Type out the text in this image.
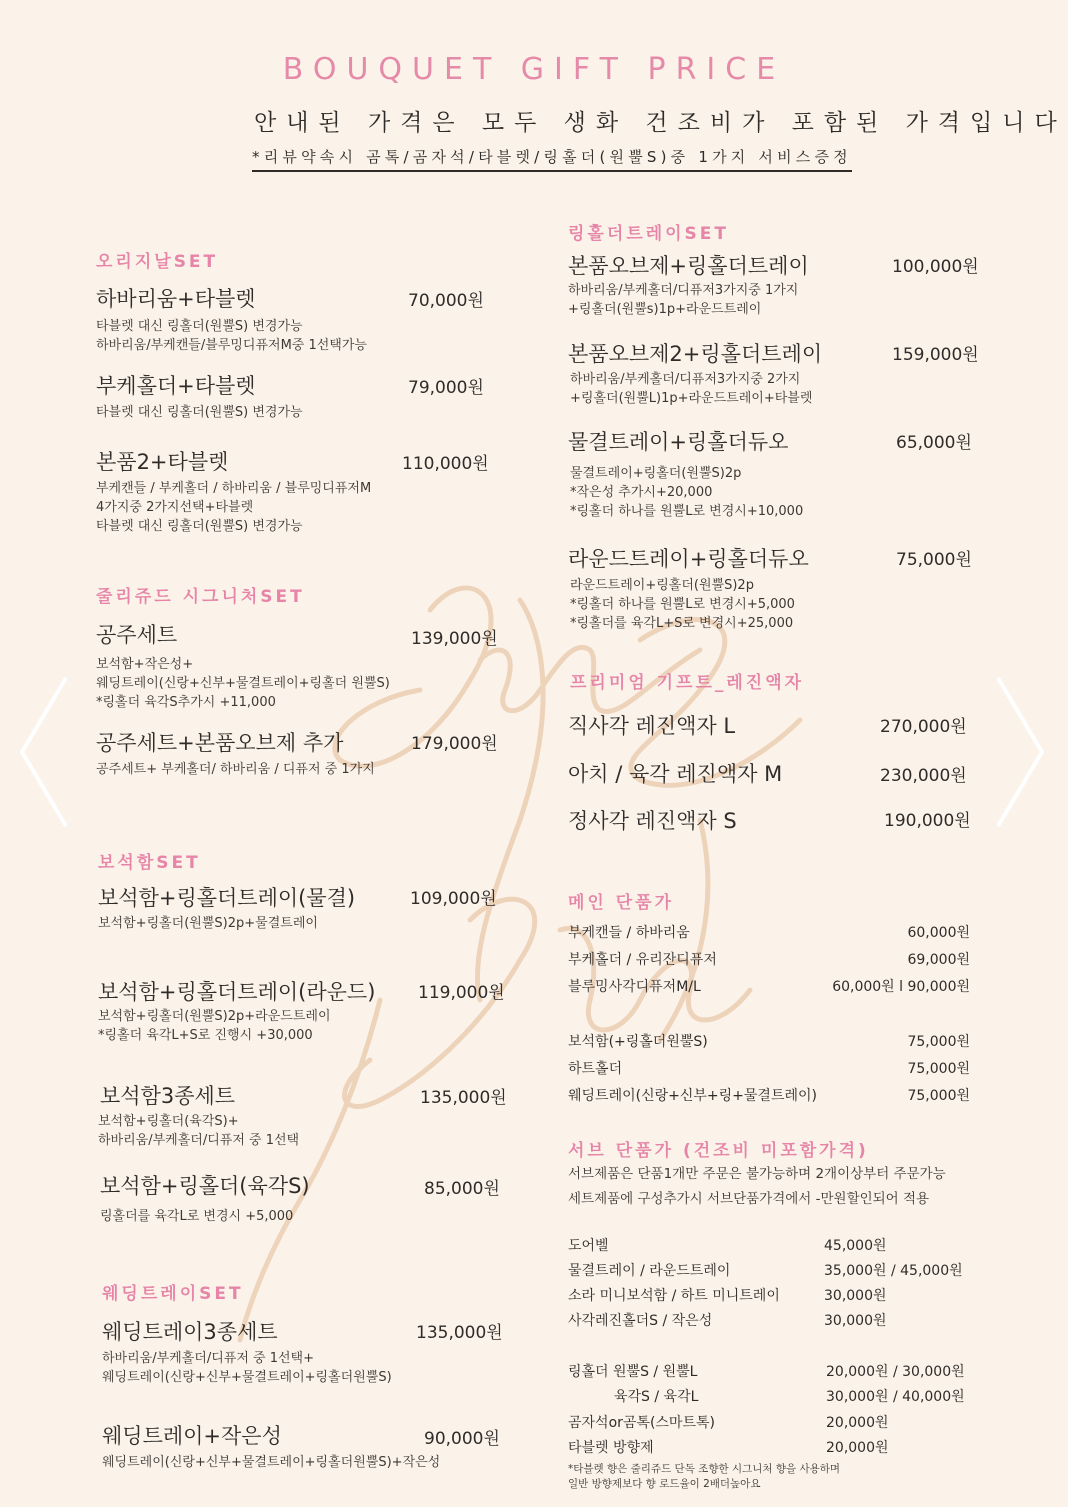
BOUQUET GIFT PRICE
안내된 가격은 모두 생화 건조비가 포함된 가격입니다
*리뷰약속시 곰톡/곰자석/타블렛/링홀더(원뿔S)중 1가지 서비스증정
오리지날SET
하바리움+타블렛	70,000원
타블렛 대신 링홀더(원뿔S) 변경가능
하바리움/부케캔들/블루밍디퓨저M중 1선택가능
부케홀더+타블렛	79,000원
타블렛 대신 링홀더(원뿔S) 변경가능
본품2+타블렛	110,000원
부케캔들 / 부케홀더 / 하바리움 / 블루밍디퓨저M
4가지중 2가지선택+타블렛
타블렛 대신 링홀더(원뿔S) 변경가능
줄리쥬드 시그니처SET
공주세트	139,000원
보석함+작은성+
웨딩트레이(신랑+신부+물결트레이+링홀더 원뿔S)
*링홀더 육각S추가시 +11,000
공주세트+본품오브제 추가	179,000원
공주세트+ 부케홀더/ 하바리움 / 디퓨저 중 1가지
보석함SET
보석함+링홀더트레이(물결)	109,000원
보석함+링홀더(원뿔S)2p+물결트레이
보석함+링홀더트레이(라운드)	119,000원
보석함+링홀더(원뿔S)2p+라운드트레이
*링홀더 육각L+S로 진행시 +30,000
보석함3종세트	135,000원
보석함+링홀더(육각S)+
하바리움/부케홀더/디퓨저 중 1선택
보석함+링홀더(육각S)	85,000원
링홀더를 육각L로 변경시 +5,000
웨딩트레이SET
웨딩트레이3종세트	135,000원
하바리움/부케홀더/디퓨저 중 1선택+
웨딩트레이(신랑+신부+물결트레이+링홀더원뿔S)
웨딩트레이+작은성	90,000원
웨딩트레이(신랑+신부+물결트레이+링홀더원뿔S)+작은성
링홀더트레이SET
본품오브제+링홀더트레이	100,000원
하바리움/부케홀더/디퓨저3가지중 1가지
+링홀더(원뿔s)1p+라운드트레이
본품오브제2+링홀더트레이	159,000원
하바리움/부케홀더/디퓨저3가지중 2가지
+링홀더(원뿔L)1p+라운드트레이+타블렛
물결트레이+링홀더듀오	65,000원
물결트레이+링홀더(원뿔S)2p
*작은성 추가시+20,000
*링홀더 하나를 원뿔L로 변경시+10,000
라운드트레이+링홀더듀오	75,000원
라운드트레이+링홀더(원뿔S)2p
*링홀더 하나를 원뿔L로 변경시+5,000
*링홀더를 육각L+S로 변경시+25,000
프리미엄 기프트_레진액자
직사각 레진액자 L	270,000원
아치 / 육각 레진액자 M	230,000원
정사각 레진액자 S	190,000원
메인 단품가
부케캔들 / 하바리움	60,000원
부케홀더 / 유리잔디퓨저	69,000원
블루밍사각디퓨저M/L	60,000원 l 90,000원
보석함(+링홀더원뿔S)	75,000원
하트홀더	75,000원
웨딩트레이(신랑+신부+링+물결트레이)	75,000원
서브 단품가 (건조비 미포함가격)
서브제품은 단품1개만 주문은 불가능하며 2개이상부터 주문가능
세트제품에 구성추가시 서브단품가격에서 -만원할인되어 적용
도어벨	45,000원
물결트레이 / 라운드트레이	35,000원 / 45,000원
소라 미니보석함 / 하트 미니트레이	30,000원
사각레진홀더S / 작은성	30,000원
링홀더 원뿔S / 원뿔L	20,000원 / 30,000원
육각S / 육각L	30,000원 / 40,000원
곰자석or곰톡(스마트톡)	20,000원
타블렛 방향제	20,000원
*타블렛 향은 줄리쥬드 단독 조향한 시그니처 향을 사용하며
일반 방향제보다 향 로드율이 2배더높아요
